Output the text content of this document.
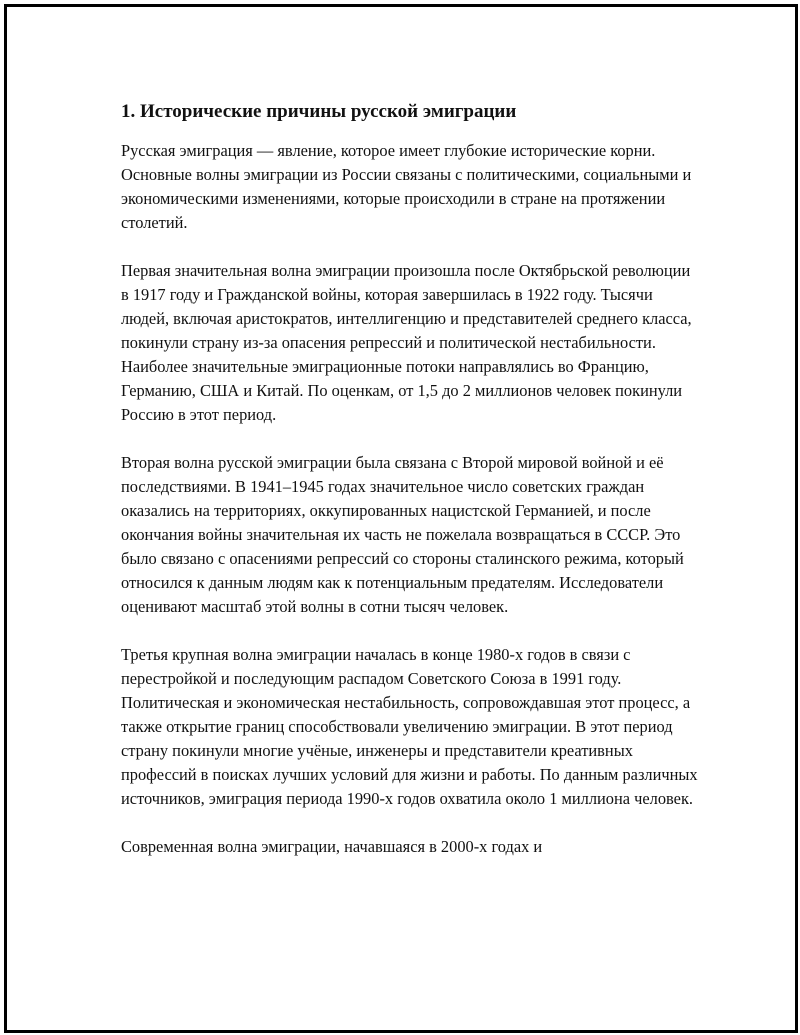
1. Исторические причины русской эмиграции

Русская эмиграция — явление, которое имеет глубокие исторические корни. Основные волны эмиграции из России связаны с политическими, социальными и экономическими изменениями, которые происходили в стране на протяжении столетий.

Первая значительная волна эмиграции произошла после Октябрьской революции в 1917 году и Гражданской войны, которая завершилась в 1922 году. Тысячи людей, включая аристократов, интеллигенцию и представителей среднего класса, покинули страну из-за опасения репрессий и политической нестабильности. Наиболее значительные эмиграционные потоки направлялись во Францию, Германию, США и Китай. По оценкам, от 1,5 до 2 миллионов человек покинули Россию в этот период.

Вторая волна русской эмиграции была связана с Второй мировой войной и её последствиями. В 1941–1945 годах значительное число советских граждан оказались на территориях, оккупированных нацистской Германией, и после окончания войны значительная их часть не пожелала возвращаться в СССР. Это было связано с опасениями репрессий со стороны сталинского режима, который относился к данным людям как к потенциальным предателям. Исследователи оценивают масштаб этой волны в сотни тысяч человек.

Третья крупная волна эмиграции началась в конце 1980-х годов в связи с перестройкой и последующим распадом Советского Союза в 1991 году. Политическая и экономическая нестабильность, сопровождавшая этот процесс, а также открытие границ способствовали увеличению эмиграции. В этот период страну покинули многие учёные, инженеры и представители креативных профессий в поисках лучших условий для жизни и работы. По данным различных источников, эмиграция периода 1990-х годов охватила около 1 миллиона человек.

Современная волна эмиграции, начавшаяся в 2000-х годах и
